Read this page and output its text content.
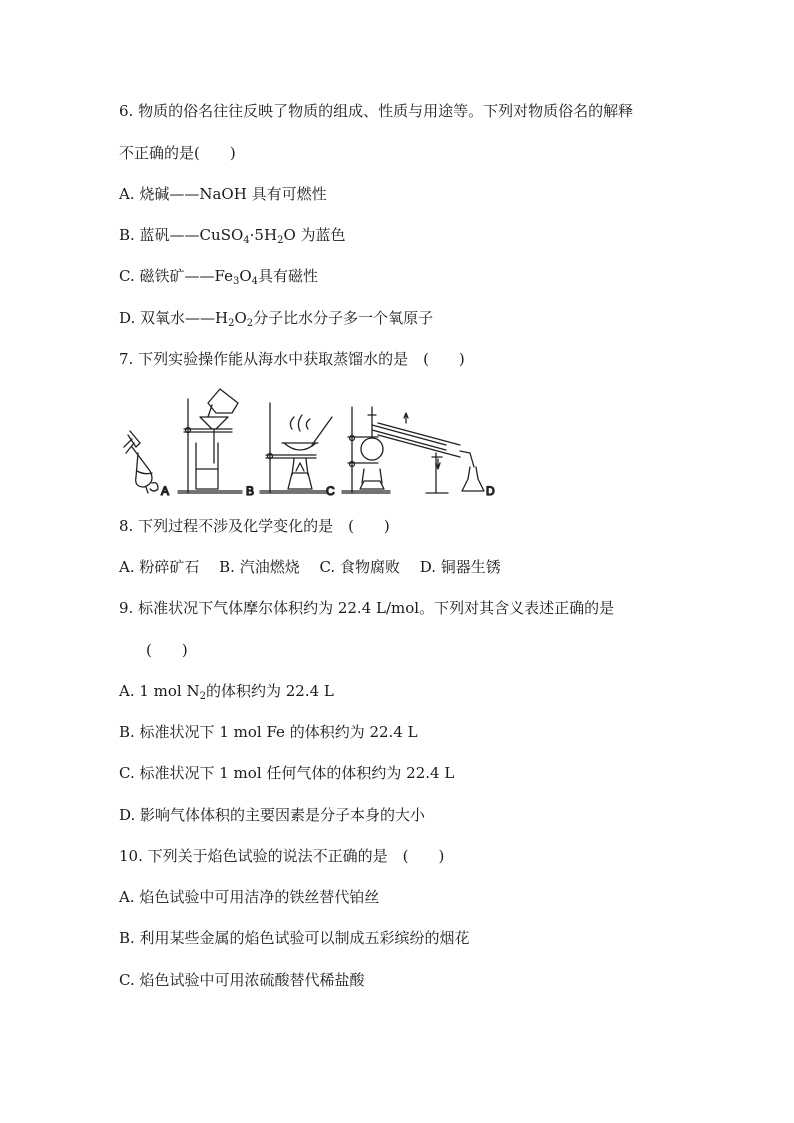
6. 物质的俗名往往反映了物质的组成、性质与用途等。下列对物质俗名的解释
不正确的是(　　)
A. 烧碱——NaOH 具有可燃性
B. 蓝矾$——CuSO_4\cdot 5H_2O$ 为蓝色
C. 磁铁矿$——Fe_3O_4$具有磁性
D. 双氧水$——H_2O_2$分子比水分子多一个氧原子
7. 下列实验操作能从海水中获取蒸馏水的是　(　　)
A	B	C	D
8. 下列过程不涉及化学变化的是　(　　)
A. 粉碎矿石　 B. 汽油燃烧　 C. 食物腐败　 D. 铜器生锈
9. 标准状况下气体摩尔体积约为 22.4 L/mol。下列对其含义表述正确的是
(　　)
A. 1 mol $N_2$的体积约为 22.4 L
B. 标准状况下 1 mol Fe 的体积约为 22.4 L
C. 标准状况下 1 mol 任何气体的体积约为 22.4 L
D. 影响气体体积的主要因素是分子本身的大小
10. 下列关于焰色试验的说法不正确的是　(　　)
A. 焰色试验中可用洁净的铁丝替代铂丝
B. 利用某些金属的焰色试验可以制成五彩缤纷的烟花
C. 焰色试验中可用浓硫酸替代稀盐酸
